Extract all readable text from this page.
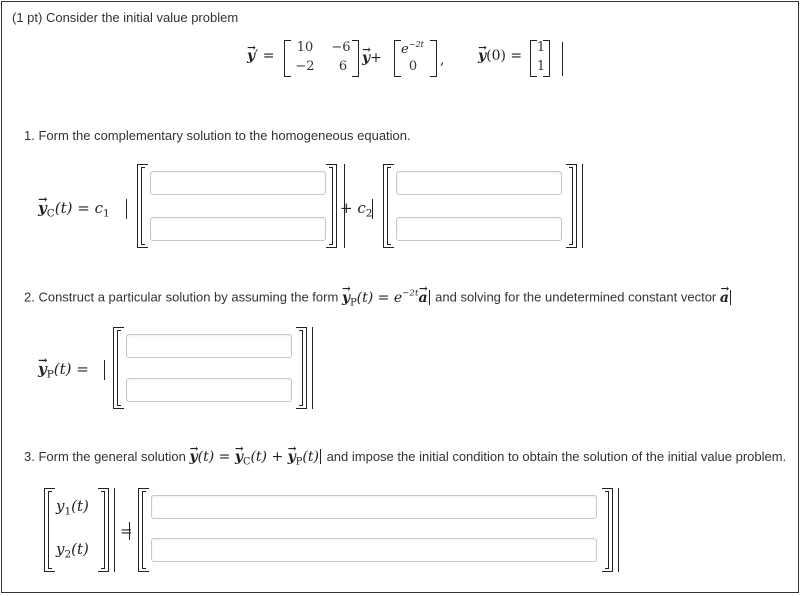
(1 pt) Consider the initial value problem
→ y′ =
10 −6
−2	6
→ y+
$e^{-2t}$
0	, → y(0) =
1
1
1. Form the complementary solution to the homogeneous equation.
→ $y_C(t) = c_1$	+ $c_2$
2. Construct a particular solution by assuming the form → $y_P(t) = e^{-2t}\to a$ and solving for the undetermined constant vector → a
→ $y_P(t)$ =
3. Form the general solution → y(t) = → $y_C(t)$ + → $y_P(t)$ and impose the initial condition to obtain the solution of the initial value problem.
$y_1(t)$
$y_2(t)$
=
